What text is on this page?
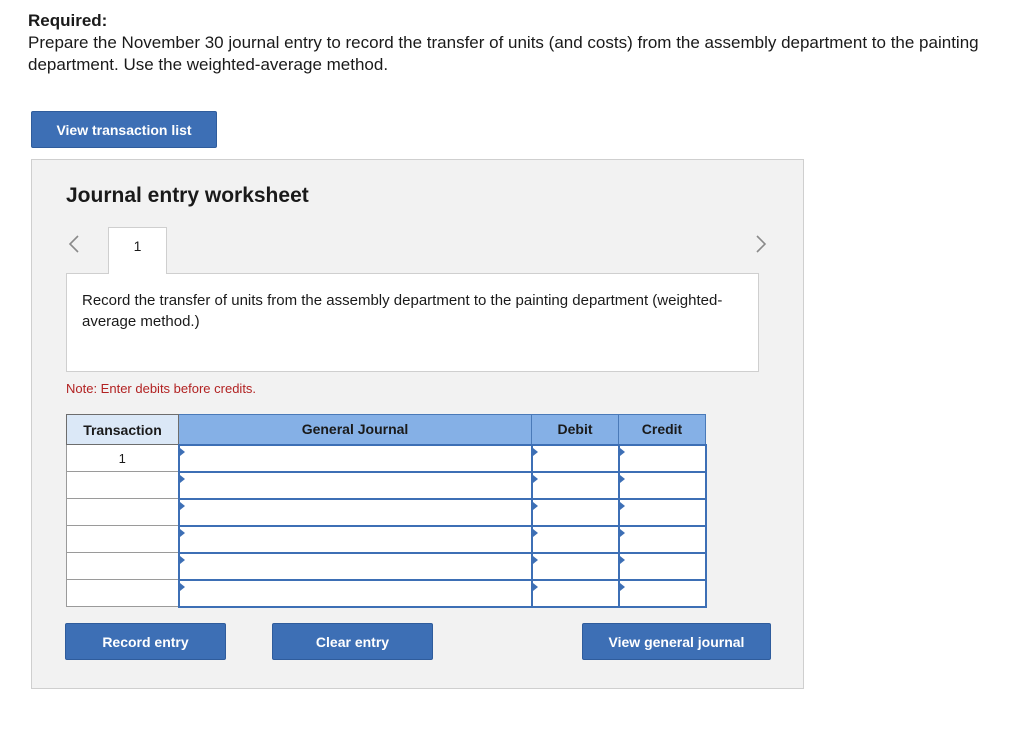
Required:
Prepare the November 30 journal entry to record the transfer of units (and costs) from the assembly department to the painting department. Use the weighted-average method.
View transaction list
Journal entry worksheet
1
Record the transfer of units from the assembly department to the painting department (weighted-average method.)
Note: Enter debits before credits.
Transaction	General Journal	Debit	Credit
1			

Record entry	Clear entry	View general journal
